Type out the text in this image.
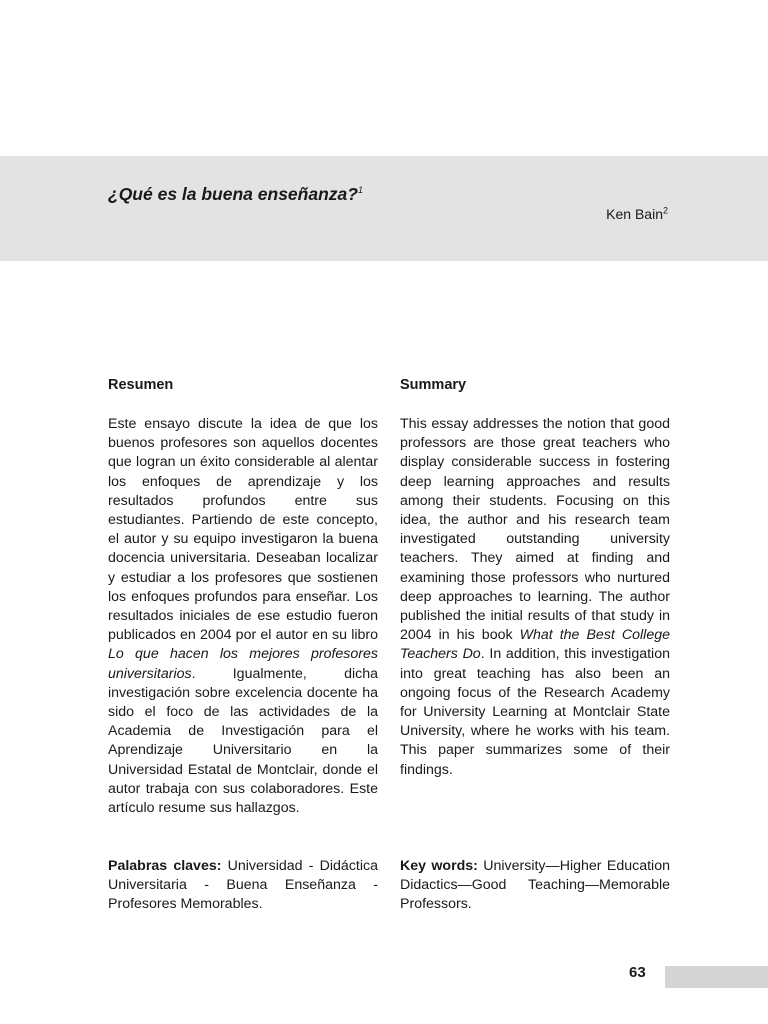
¿Qué es la buena enseñanza?$^1$
Ken Bain$^2$
Resumen

Este ensayo discute la idea de que los buenos profesores son aquellos docentes que logran un éxito considerable al alentar los enfoques de aprendizaje y los resultados profundos entre sus estudiantes. Partiendo de este concepto, el autor y su equipo investigaron la buena docencia universitaria. Deseaban localizar y estudiar a los profesores que sostienen los enfoques profundos para enseñar. Los resultados iniciales de ese estudio fueron publicados en 2004 por el autor en su libro Lo que hacen los mejores profesores universitarios. Igualmente, dicha investigación sobre excelencia docente ha sido el foco de las actividades de la Academia de Investigación para el Aprendizaje Universitario en la Universidad Estatal de Montclair, donde el autor trabaja con sus colaboradores. Este artículo resume sus hallazgos.

Palabras claves: Universidad - Didáctica Universitaria - Buena Enseñanza - Profesores Memorables.

Summary

This essay addresses the notion that good professors are those great teachers who display considerable success in fostering deep learning approaches and results among their students. Focusing on this idea, the author and his research team investigated outstanding university teachers. They aimed at finding and examining those professors who nurtured deep approaches to learning. The author published the initial results of that study in 2004 in his book What the Best College Teachers Do. In addition, this investigation into great teaching has also been an ongoing focus of the Research Academy for University Learning at Montclair State University, where he works with his team. This paper summarizes some of their findings.

Key words: University—Higher Education Didactics—Good Teaching—Memorable Professors.

63
